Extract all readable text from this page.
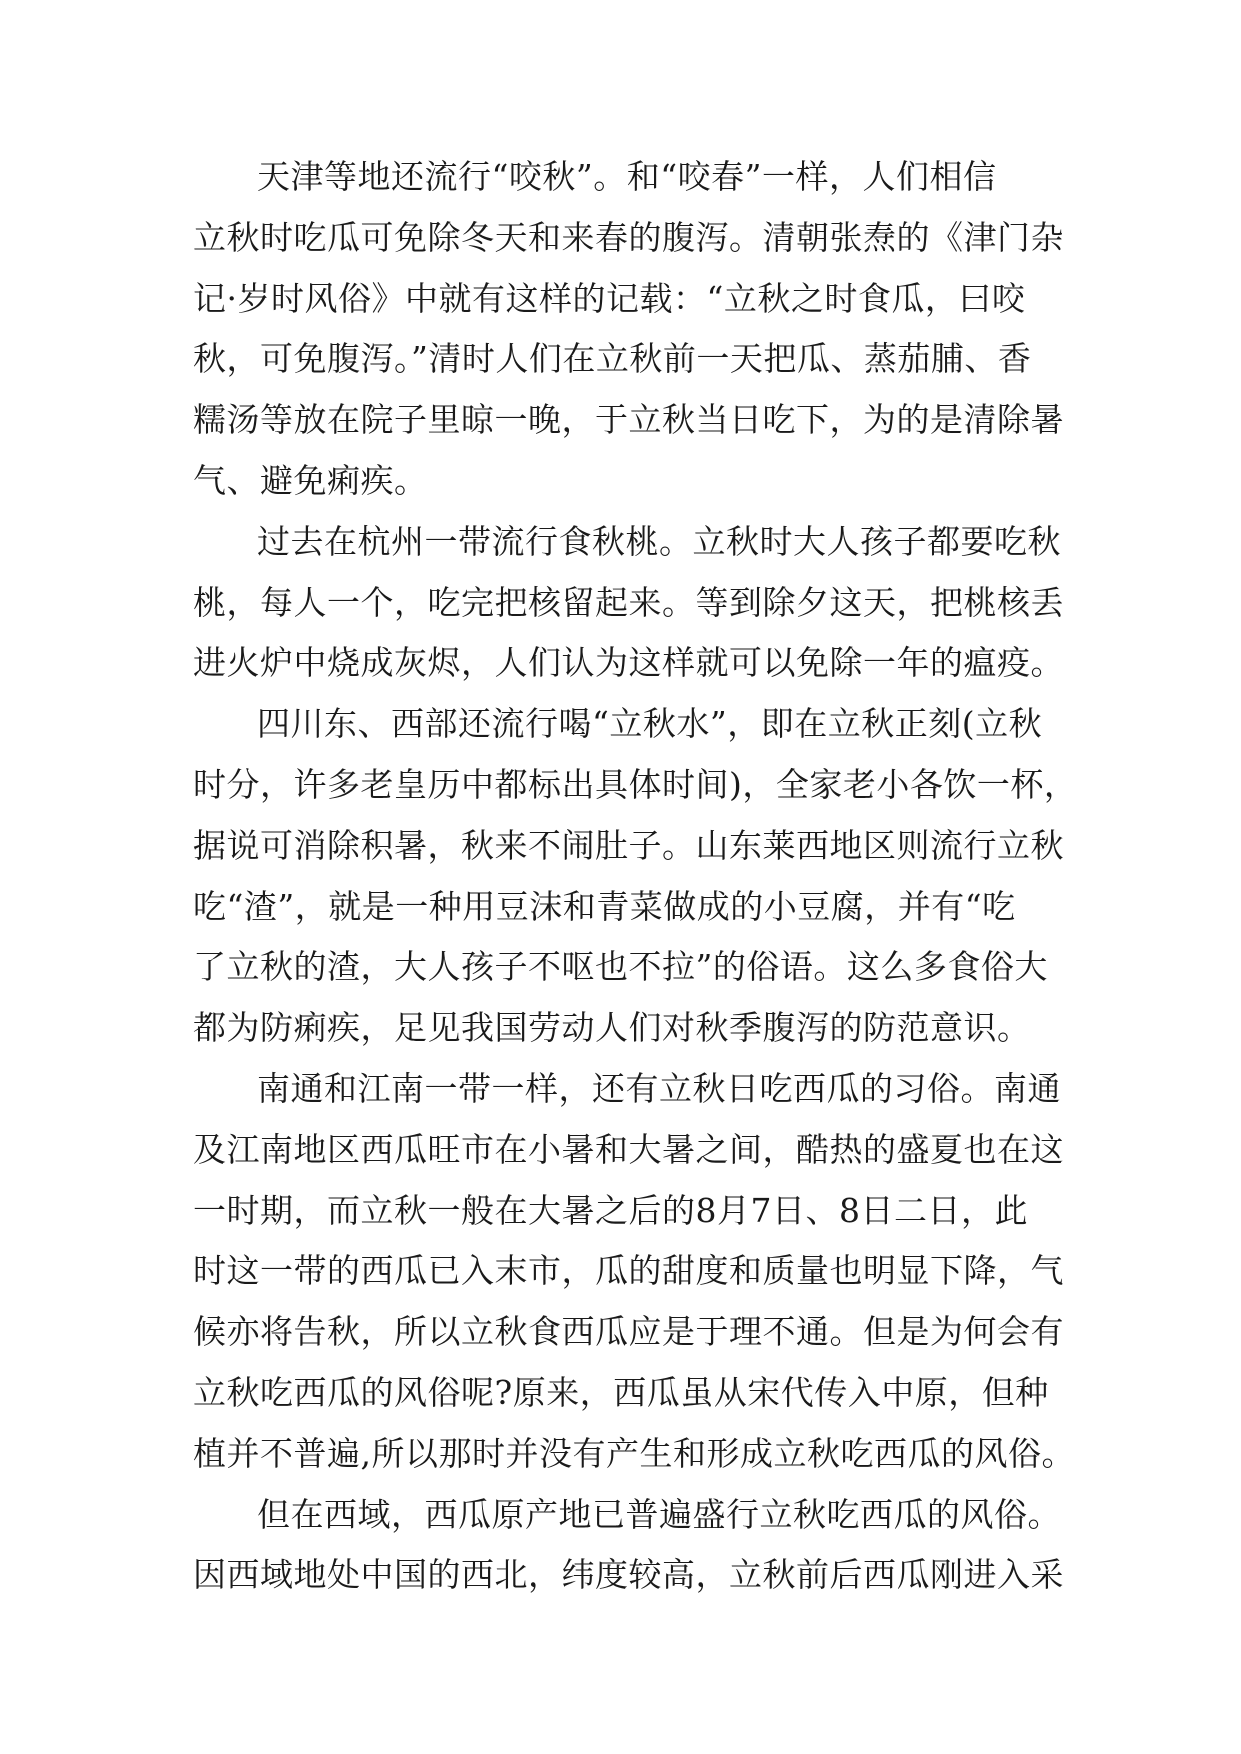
天津等地还流行“咬秋”。和“咬春”一样，人们相信
立秋时吃瓜可免除冬天和来春的腹泻。清朝张焘的《津门杂
记·岁时风俗》中就有这样的记载：“立秋之时食瓜，曰咬
秋，可免腹泻。”清时人们在立秋前一天把瓜、蒸茄脯、香
糯汤等放在院子里晾一晚，于立秋当日吃下，为的是清除暑
气、避免痢疾。
过去在杭州一带流行食秋桃。立秋时大人孩子都要吃秋
桃，每人一个，吃完把核留起来。等到除夕这天，把桃核丢
进火炉中烧成灰烬，人们认为这样就可以免除一年的瘟疫。
四川东、西部还流行喝“立秋水”，即在立秋正刻(立秋
时分，许多老皇历中都标出具体时间)，全家老小各饮一杯，
据说可消除积暑，秋来不闹肚子。山东莱西地区则流行立秋
吃“渣”，就是一种用豆沫和青菜做成的小豆腐，并有“吃
了立秋的渣，大人孩子不呕也不拉”的俗语。这么多食俗大
都为防痢疾，足见我国劳动人们对秋季腹泻的防范意识。
南通和江南一带一样，还有立秋日吃西瓜的习俗。南通
及江南地区西瓜旺市在小暑和大暑之间，酷热的盛夏也在这
一时期，而立秋一般在大暑之后的8月7日、8日二日，此
时这一带的西瓜已入末市，瓜的甜度和质量也明显下降，气
候亦将告秋，所以立秋食西瓜应是于理不通。但是为何会有
立秋吃西瓜的风俗呢?原来，西瓜虽从宋代传入中原，但种
植并不普遍,所以那时并没有产生和形成立秋吃西瓜的风俗。
但在西域，西瓜原产地已普遍盛行立秋吃西瓜的风俗。
因西域地处中国的西北，纬度较高，立秋前后西瓜刚进入采
